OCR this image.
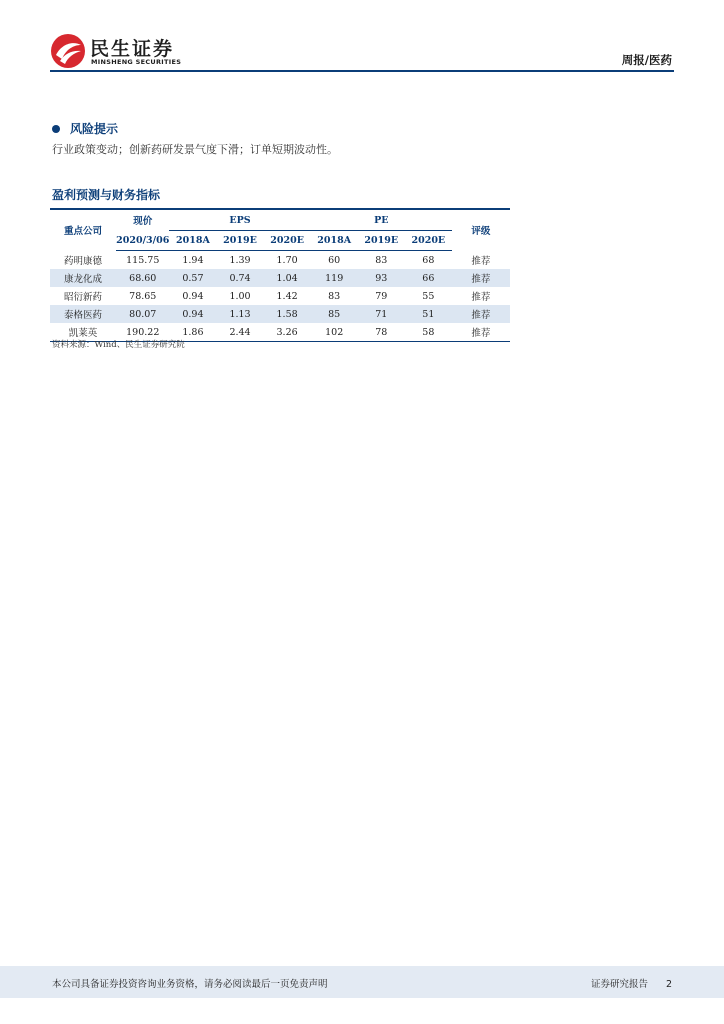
民生证券
MINSHENG SECURITIES	周报/医药
风险提示
行业政策变动；创新药研发景气度下滑；订单短期波动性。
盈利预测与财务指标
重点公司	现价	EPS			PE			评级
	2020/3/06	2018A	2019E	2020E	2018A	2019E	2020E	
药明康德	115.75	1.94	1.39	1.70	60	83	68	推荐
康龙化成	68.60	0.57	0.74	1.04	119	93	66	推荐
昭衍新药	78.65	0.94	1.00	1.42	83	79	55	推荐
泰格医药	80.07	0.94	1.13	1.58	85	71	51	推荐
凯莱英	190.22	1.86	2.44	3.26	102	78	58	推荐
资料来源：Wind、民生证券研究院
本公司具备证券投资咨询业务资格，请务必阅读最后一页免责声明	证券研究报告 2
